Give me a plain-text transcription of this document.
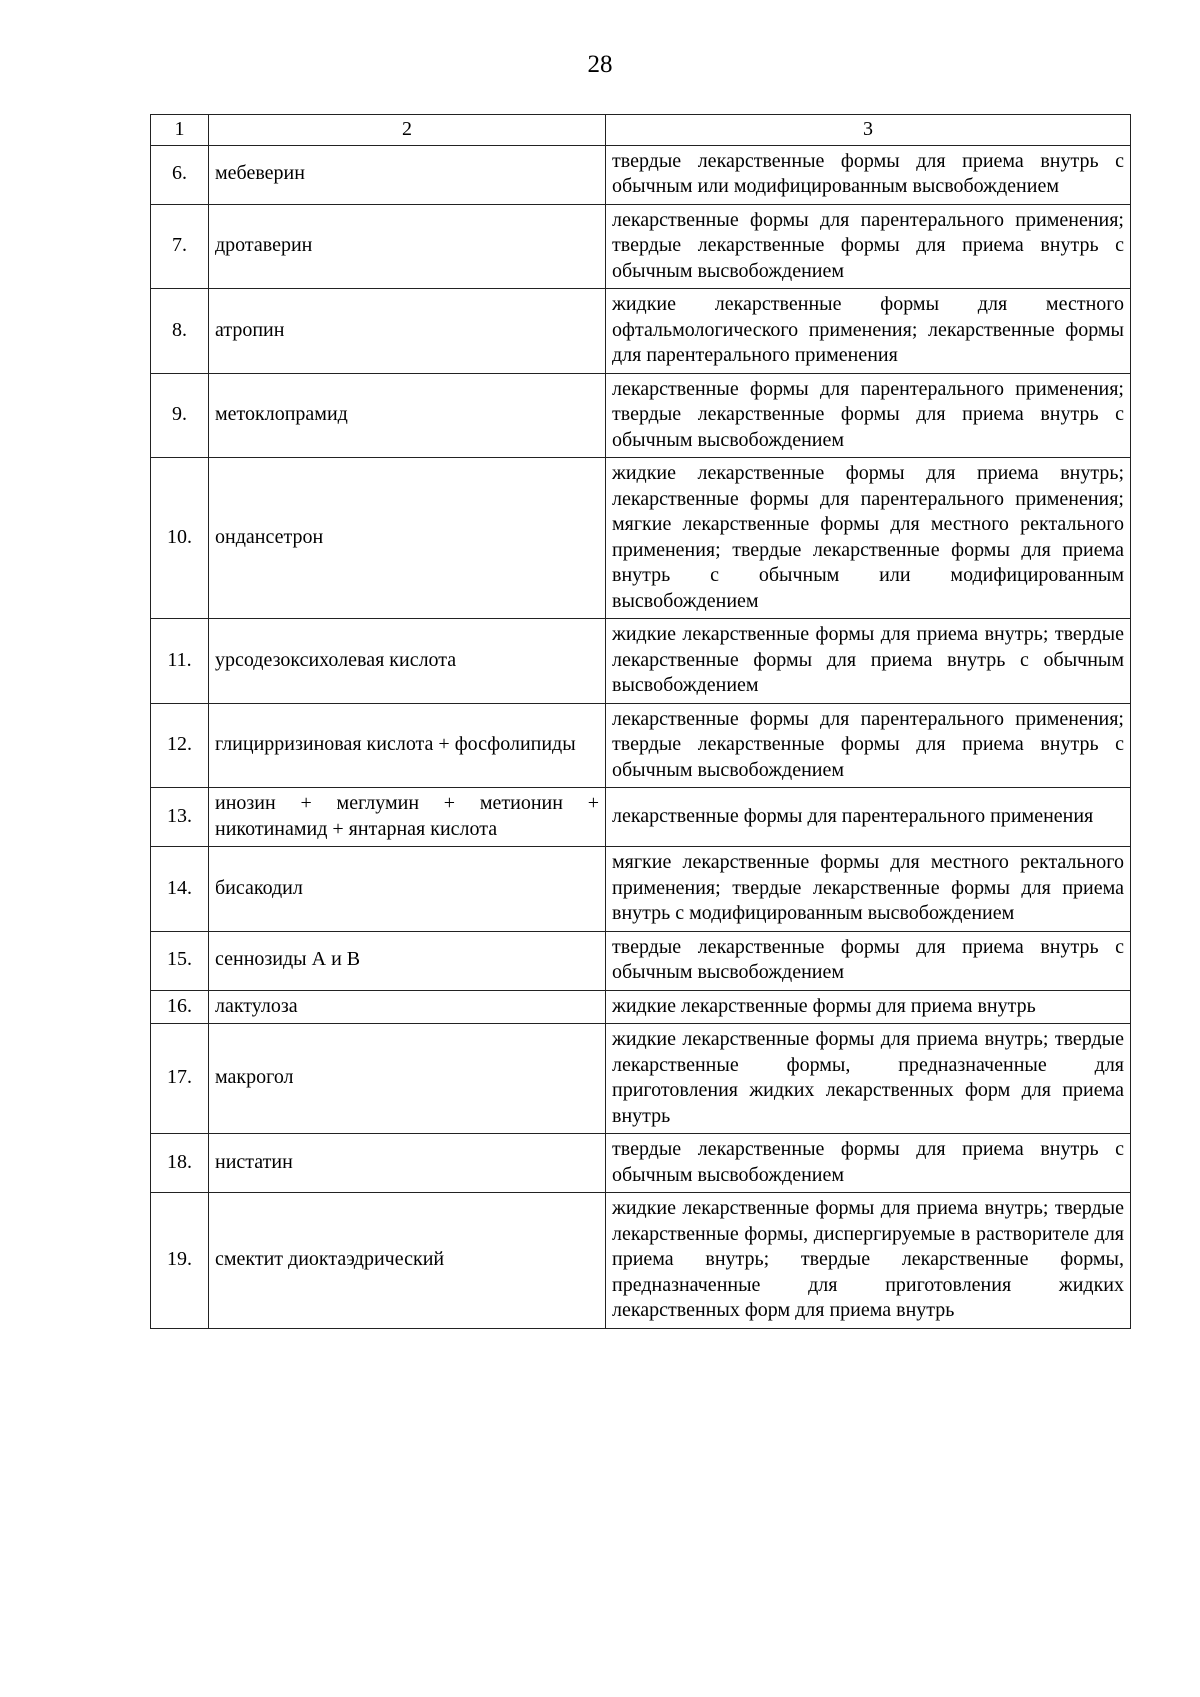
28
1	2	3
6.	мебеверин	твердые лекарственные формы для приема внутрь с обычным или модифицированным высвобождением
7.	дротаверин	лекарственные формы для парентерального применения; твердые лекарственные формы для приема внутрь с обычным высвобождением
8.	атропин	жидкие лекарственные формы для местного офтальмологического применения; лекарственные формы для парентерального применения
9.	метоклопрамид	лекарственные формы для парентерального применения; твердые лекарственные формы для приема внутрь с обычным высвобождением
10.	ондансетрон	жидкие лекарственные формы для приема внутрь; лекарственные формы для парентерального применения; мягкие лекарственные формы для местного ректального применения; твердые лекарственные формы для приема внутрь с обычным или модифицированным высвобождением
11.	урсодезоксихолевая кислота	жидкие лекарственные формы для приема внутрь; твердые лекарственные формы для приема внутрь с обычным высвобождением
12.	глицирризиновая кислота + фосфолипиды	лекарственные формы для парентерального применения; твердые лекарственные формы для приема внутрь с обычным высвобождением
13.	инозин + меглумин + метионин + никотинамид + янтарная кислота	лекарственные формы для парентерального применения
14.	бисакодил	мягкие лекарственные формы для местного ректального применения; твердые лекарственные формы для приема внутрь с модифицированным высвобождением
15.	сеннозиды А и В	твердые лекарственные формы для приема внутрь с обычным высвобождением
16.	лактулоза	жидкие лекарственные формы для приема внутрь
17.	макрогол	жидкие лекарственные формы для приема внутрь; твердые лекарственные формы, предназначенные для приготовления жидких лекарственных форм для приема внутрь
18.	нистатин	твердые лекарственные формы для приема внутрь с обычным высвобождением
19.	смектит диоктаэдрический	жидкие лекарственные формы для приема внутрь; твердые лекарственные формы, диспергируемые в растворителе для приема внутрь; твердые лекарственные формы, предназначенные для приготовления жидких лекарственных форм для приема внутрь
